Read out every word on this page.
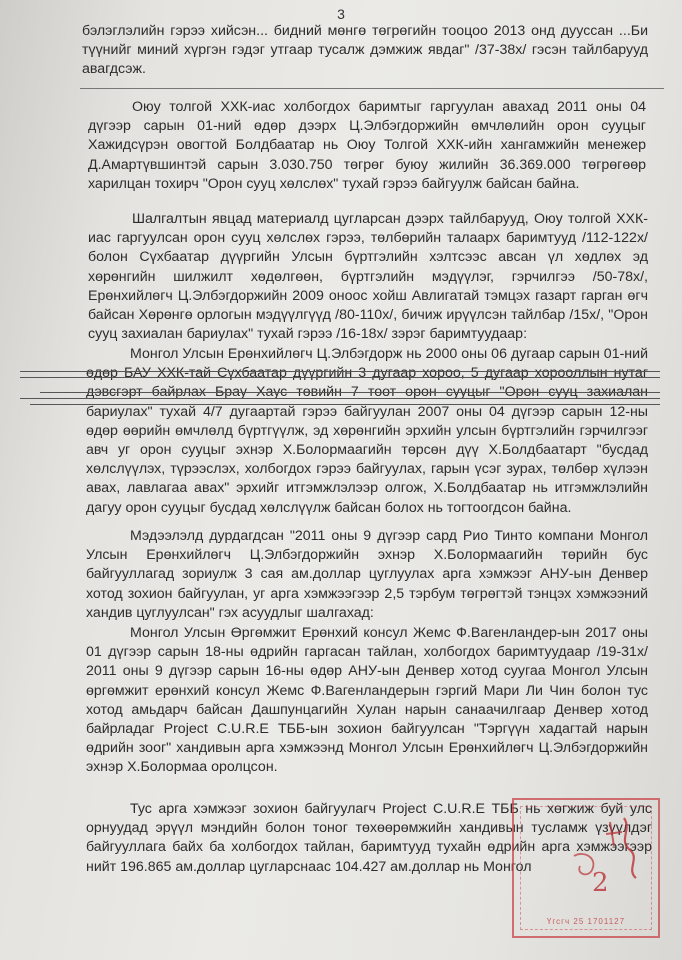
3

бэлэглэлийн гэрээ хийсэн... бидний мөнгө төгрөгийн тооцоо 2013 онд дууссан ...Би түүнийг миний хүргэн гэдэг утгаар тусалж дэмжиж явдаг" /37-38х/ гэсэн тайлбарууд авагдсэж.

Оюу толгой ХХК-иас холбогдох баримтыг гаргуулан авахад 2011 оны 04 дүгээр сарын 01-ний өдөр дээрх Ц.Элбэгдоржийн өмчлөлийн орон сууцыг Хажидсүрэн овогтой Болдбаатар нь Оюу Толгой ХХК-ийн хангамжийн менежер Д.Амартүвшинтэй сарын 3.030.750 төгрөг буюу жилийн 36.369.000 төгрөгөөр харилцан тохирч "Орон сууц хөлслөх" тухай гэрээ байгуулж байсан байна.

Шалгалтын явцад материалд цугларсан дээрх тайлбарууд, Оюу толгой ХХК-иас гаргуулсан орон сууц хөлслөх гэрээ, төлбөрийн талаарх баримтууд /112-122х/ болон Сүхбаатар дүүргийн Улсын бүртгэлийн хэлтсээс авсан үл хөдлөх эд хөрөнгийн шилжилт хөдөлгөөн, бүртгэлийн мэдүүлэг, гэрчилгээ /50-78х/, Ерөнхийлөгч Ц.Элбэгдоржийн 2009 оноос хойш Авлигатай тэмцэх газарт гарган өгч байсан Хөрөнгө орлогын мэдүүлгүүд /80-110х/, бичиж ирүүлсэн тайлбар /15х/, "Орон сууц захиалан бариулах" тухай гэрээ /16-18х/ зэрэг баримтуудаар:

Монгол Улсын Ерөнхийлөгч Ц.Элбэгдорж нь 2000 оны 06 дугаар сарын 01-ний өдөр БАУ ХХК-тай Сүхбаатар дүүргийн 3 дугаар хороо, 5 дугаар хорооллын нутаг дэвсгэрт байрлах Брау Хаус төвийн 7 тоот орон сууцыг "Орон сууц захиалан бариулах" тухай 4/7 дугаартай гэрээ байгуулан 2007 оны 04 дүгээр сарын 12-ны өдөр өөрийн өмчлөлд бүртгүүлж, эд хөрөнгийн эрхийн улсын бүртгэлийн гэрчилгээг авч уг орон сууцыг эхнэр Х.Болормаагийн төрсөн дүү Х.Болдбаатарт "бусдад хөлслүүлэх, түрээслэх, холбогдох гэрээ байгуулах, гарын үсэг зурах, төлбөр хүлээн авах, лавлагаа авах" эрхийг итгэмжлэлээр олгож, Х.Болдбаатар нь итгэмжлэлийн дагуу орон сууцыг бусдад хөлслүүлж байсан болох нь тогтоогдсон байна.

Мэдээлэлд дурдагдсан "2011 оны 9 дүгээр сард Рио Тинто компани Монгол Улсын Ерөнхийлөгч Ц.Элбэгдоржийн эхнэр Х.Болормаагийн төрийн бус байгууллагад зориулж 3 сая ам.доллар цуглуулах арга хэмжээг АНУ-ын Денвер хотод зохион байгуулан, уг арга хэмжээгээр 2,5 тэрбум төгрөгтэй тэнцэх хэмжээний хандив цуглуулсан" гэх асуудлыг шалгахад:

Монгол Улсын Өргөмжит Ерөнхий консул Жемс Ф.Вагенландер-ын 2017 оны 01 дүгээр сарын 18-ны өдрийн гаргасан тайлан, холбогдох баримтуудаар /19-31х/ 2011 оны 9 дүгээр сарын 16-ны өдөр АНУ-ын Денвер хотод суугаа Монгол Улсын өргөмжит ерөнхий консул Жемс Ф.Вагенландерын гэргий Мари Ли Чин болон тус хотод амьдарч байсан Дашпунцагийн Хулан нарын санаачилгаар Денвер хотод байрладаг Project C.U.R.E ТББ-ын зохион байгуулсан "Тэргүүн хадагтай нарын өдрийн зоог" хандивын арга хэмжээнд Монгол Улсын Ерөнхийлөгч Ц.Элбэгдоржийн эхнэр Х.Болормаа оролцсон.

Тус арга хэмжээг зохион байгуулагч Project C.U.R.E ТББ нь хөгжиж буй улс орнуудад эрүүл мэндийн болон тоног төхөөрөмжийн хандивын тусламж үзүүлдэг байгууллага байх ба холбогдох тайлан, баримтууд тухайн өдрийн арга хэмжээгээр нийт 196.865 ам.доллар цугларснаас 104.427 ам.доллар нь Монгол

2
Үгсгч 25 1701127
